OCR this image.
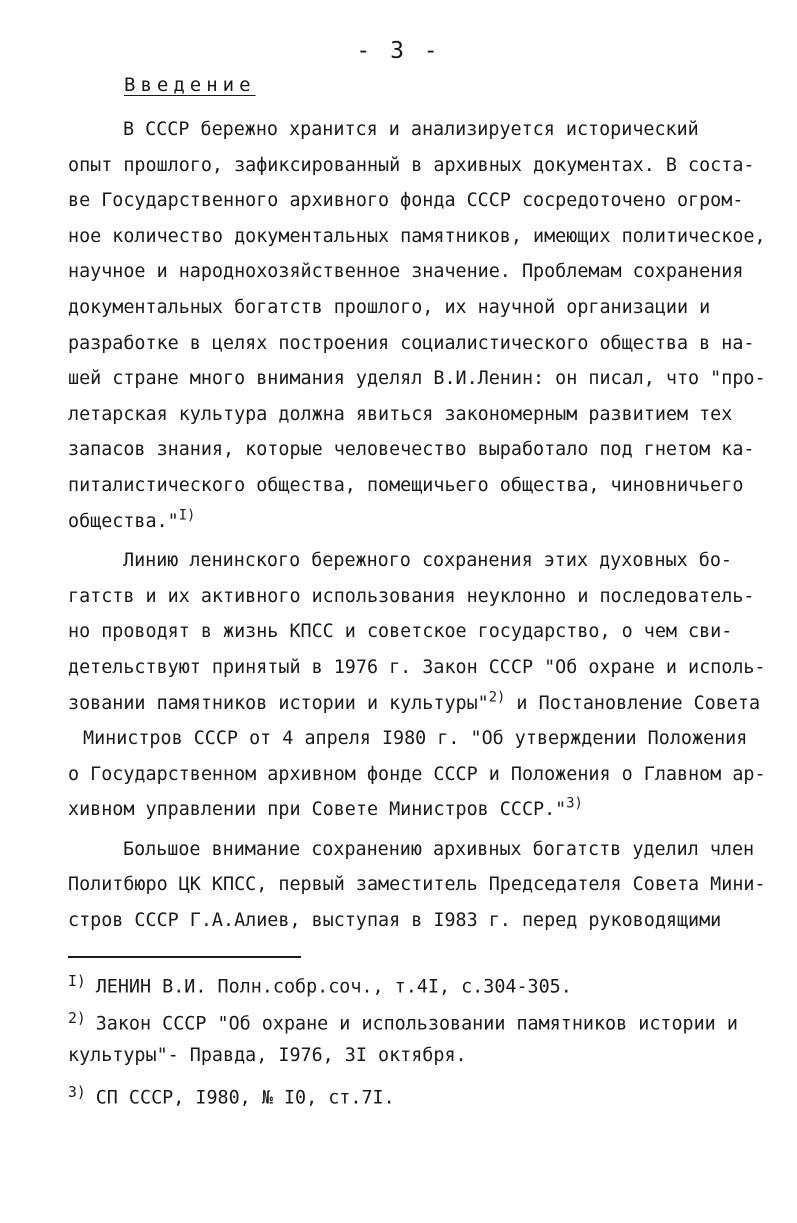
- 3 -
Введение
В СССР бережно хранится и анализируется исторический
опыт прошлого, зафиксированный в архивных документах. В соста-
ве Государственного архивного фонда СССР сосредоточено огром-
ное количество документальных памятников, имеющих политическое,
научное и народнохозяйственное значение. Проблемам сохранения
документальных богатств прошлого, их научной организации и
разработке в целях построения социалистического общества в на-
шей стране много внимания уделял В.И.Ленин: он писал, что "про-
летарская культура должна явиться закономерным развитием тех
запасов знания, которые человечество выработало под гнетом ка-
питалистического общества, помещичьего общества, чиновничьего
общества."$^{I)}$
Линию ленинского бережного сохранения этих духовных бо-
гатств и их активного использования неуклонно и последователь-
но проводят в жизнь КПСС и советское государство, о чем сви-
детельствуют принятый в 1976 г. Закон СССР "Об охране и исполь-
зовании памятников истории и культуры"$^{2)}$ и Постановление Совета
Министров СССР от 4 апреля I980 г. "Об утверждении Положения
о Государственном архивном фонде СССР и Положения о Главном ар-
хивном управлении при Совете Министров СССР."$^{3)}$
Большое внимание сохранению архивных богатств уделил член
Политбюро ЦК КПСС, первый заместитель Председателя Совета Мини-
стров СССР Г.А.Алиев, выступая в I983 г. перед руководящими
$^{I)}$ ЛЕНИН В.И. Полн.собр.соч., т.4I, с.304-305.
$^{2)}$ Закон СССР "Об охране и использовании памятников истории и
культуры"- Правда, I976, 3I октября.
$^{3)}$ СП СССР, I980, № I0, ст.7I.
